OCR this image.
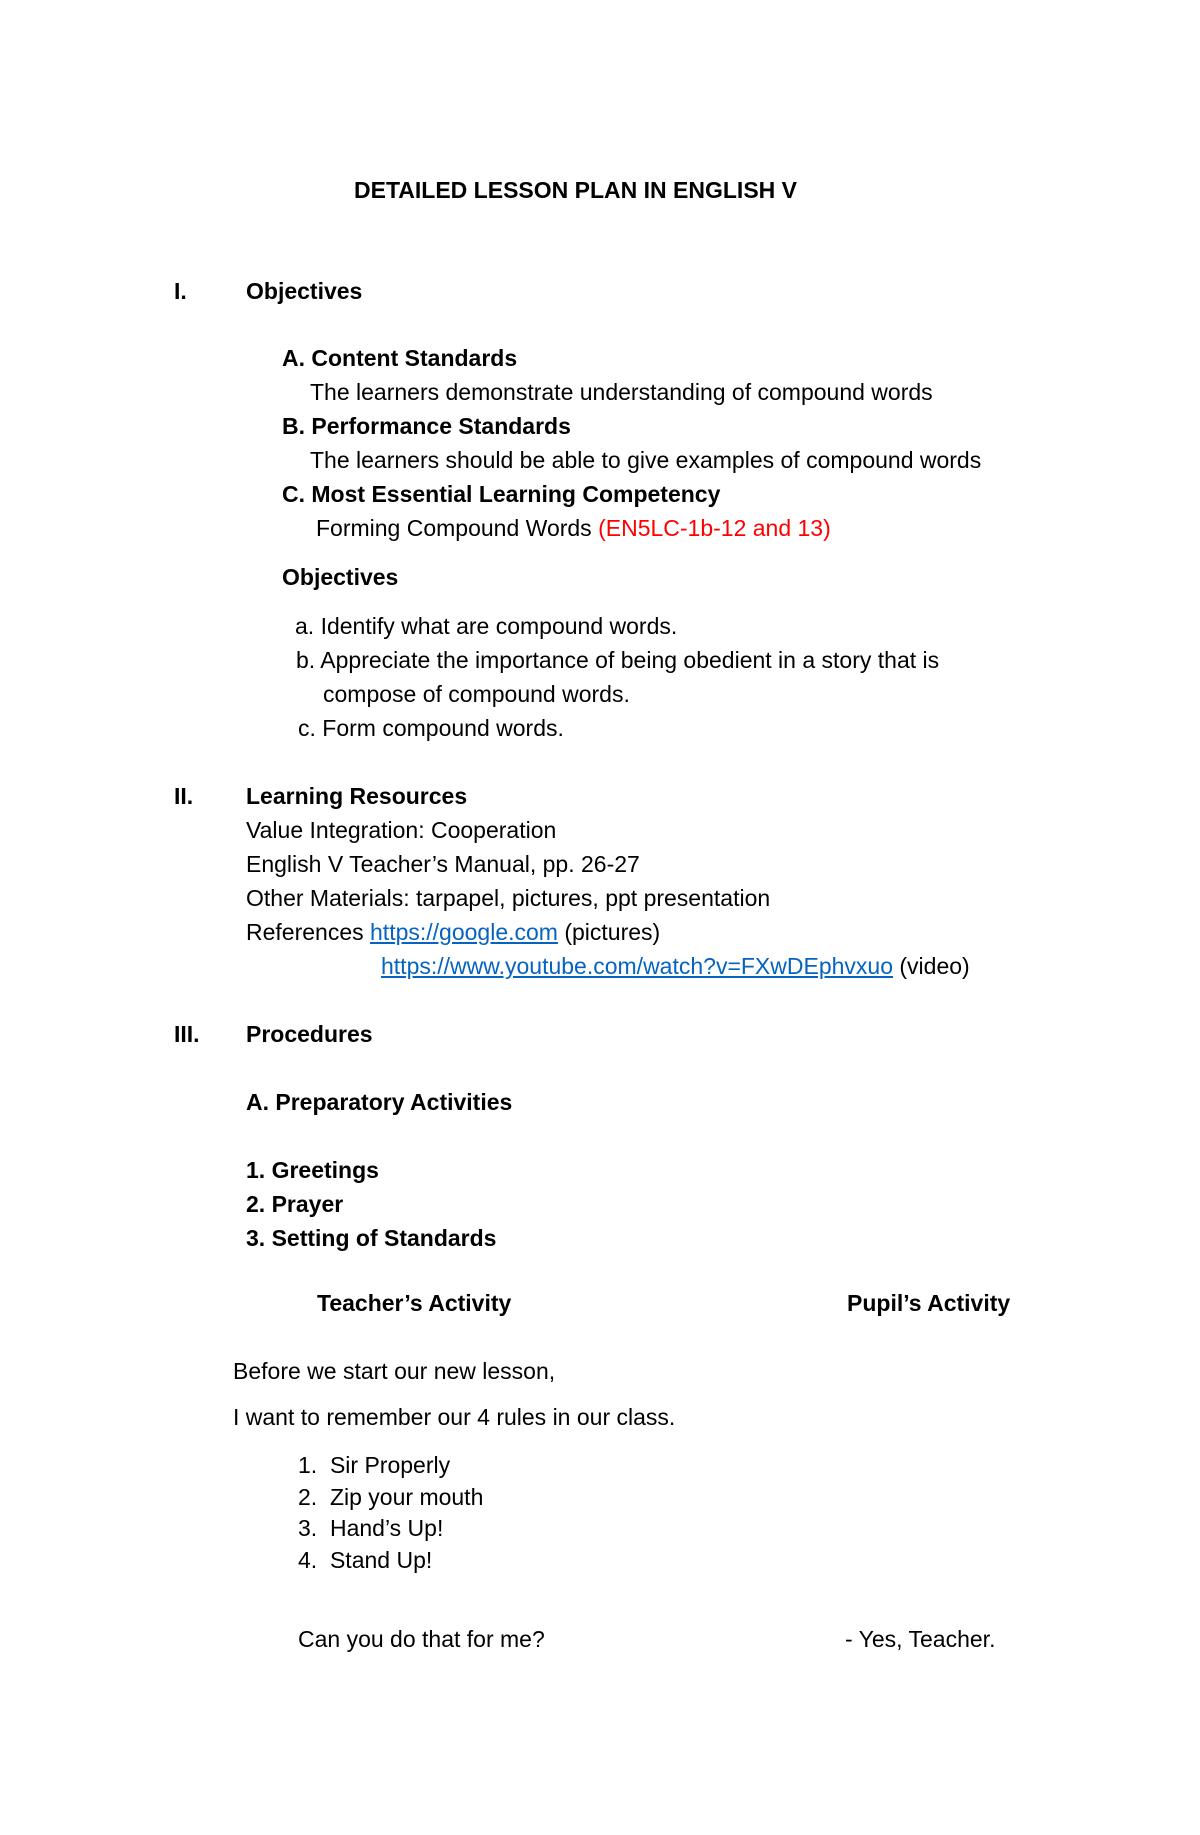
DETAILED LESSON PLAN IN ENGLISH V
I.	Objectives
A. Content Standards
The learners demonstrate understanding of compound words
B. Performance Standards
The learners should be able to give examples of compound words
C. Most Essential Learning Competency
Forming Compound Words (EN5LC-1b-12 and 13)
Objectives
a. Identify what are compound words.
b. Appreciate the importance of being obedient in a story that is
compose of compound words.
c. Form compound words.
II. Learning Resources
Value Integration: Cooperation
English V Teacher’s Manual, pp. 26-27
Other Materials: tarpapel, pictures, ppt presentation
References https://google.com (pictures)
https://www.youtube.com/watch?v=FXwDEphvxuo (video)
III. Procedures
A. Preparatory Activities
1. Greetings
2. Prayer
3. Setting of Standards
Teacher’s Activity	Pupil’s Activity
Before we start our new lesson,
I want to remember our 4 rules in our class.
1. Sir Properly
2. Zip your mouth
3. Hand’s Up!
4. Stand Up!
Can you do that for me?	- Yes, Teacher.
